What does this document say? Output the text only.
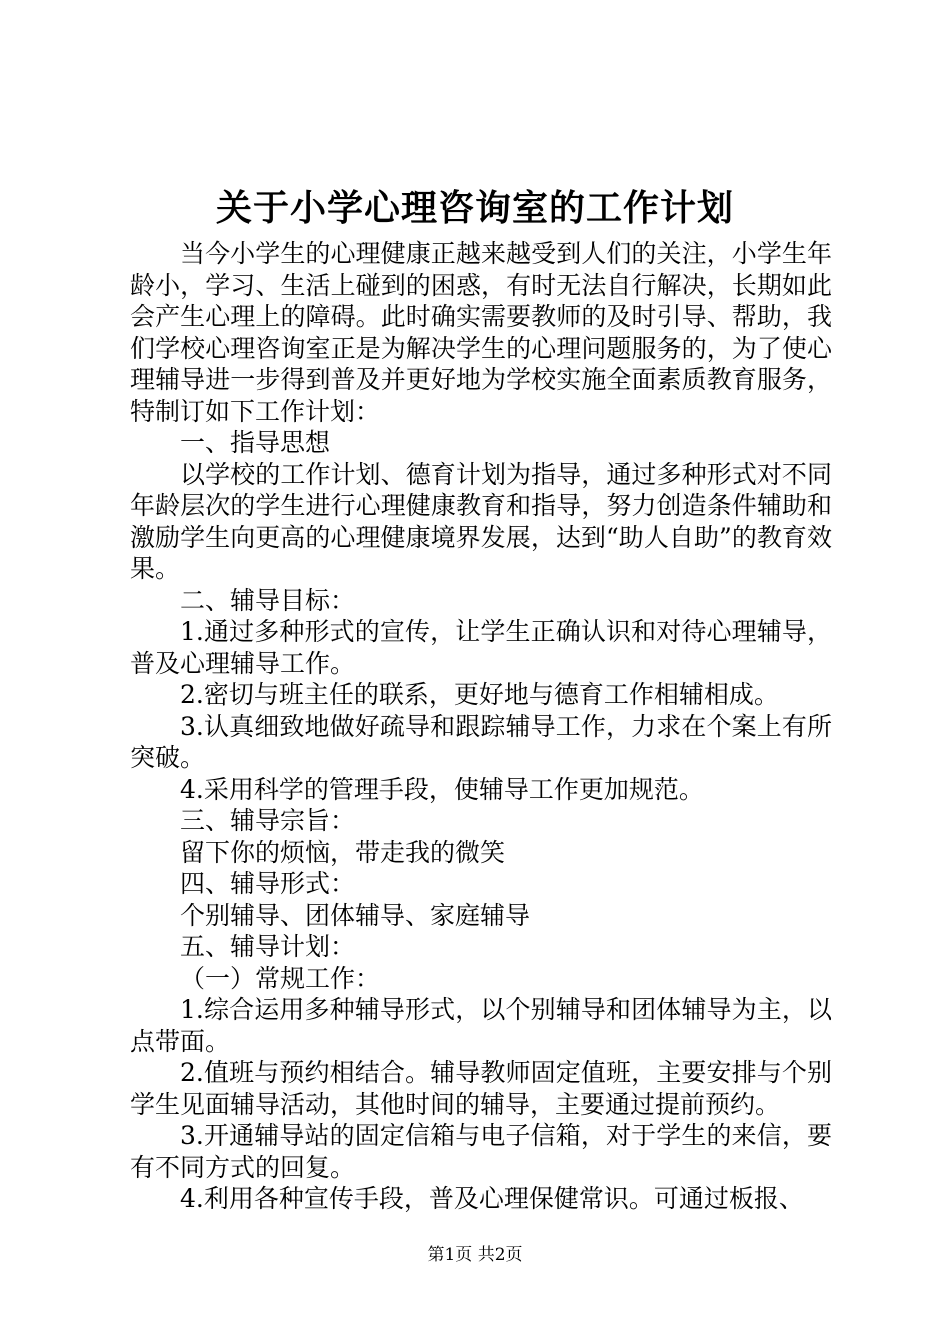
关于小学心理咨询室的工作计划

当今小学生的心理健康正越来越受到人们的关注，小学生年龄小，学习、生活上碰到的困惑，有时无法自行解决，长期如此会产生心理上的障碍。此时确实需要教师的及时引导、帮助，我们学校心理咨询室正是为解决学生的心理问题服务的，为了使心理辅导进一步得到普及并更好地为学校实施全面素质教育服务，特制订如下工作计划：

一、指导思想

以学校的工作计划、德育计划为指导，通过多种形式对不同年龄层次的学生进行心理健康教育和指导，努力创造条件辅助和激励学生向更高的心理健康境界发展，达到“助人自助”的教育效果。

二、辅导目标：

1.通过多种形式的宣传，让学生正确认识和对待心理辅导，普及心理辅导工作。

2.密切与班主任的联系，更好地与德育工作相辅相成。

3.认真细致地做好疏导和跟踪辅导工作，力求在个案上有所突破。

4.采用科学的管理手段，使辅导工作更加规范。

三、辅导宗旨：

留下你的烦恼，带走我的微笑

四、辅导形式：

个别辅导、团体辅导、家庭辅导

五、辅导计划：

（一）常规工作：

1.综合运用多种辅导形式，以个别辅导和团体辅导为主，以点带面。

2.值班与预约相结合。辅导教师固定值班，主要安排与个别学生见面辅导活动，其他时间的辅导，主要通过提前预约。

3.开通辅导站的固定信箱与电子信箱，对于学生的来信，要有不同方式的回复。

4.利用各种宣传手段，普及心理保健常识。可通过板报、

第1页 共2页
